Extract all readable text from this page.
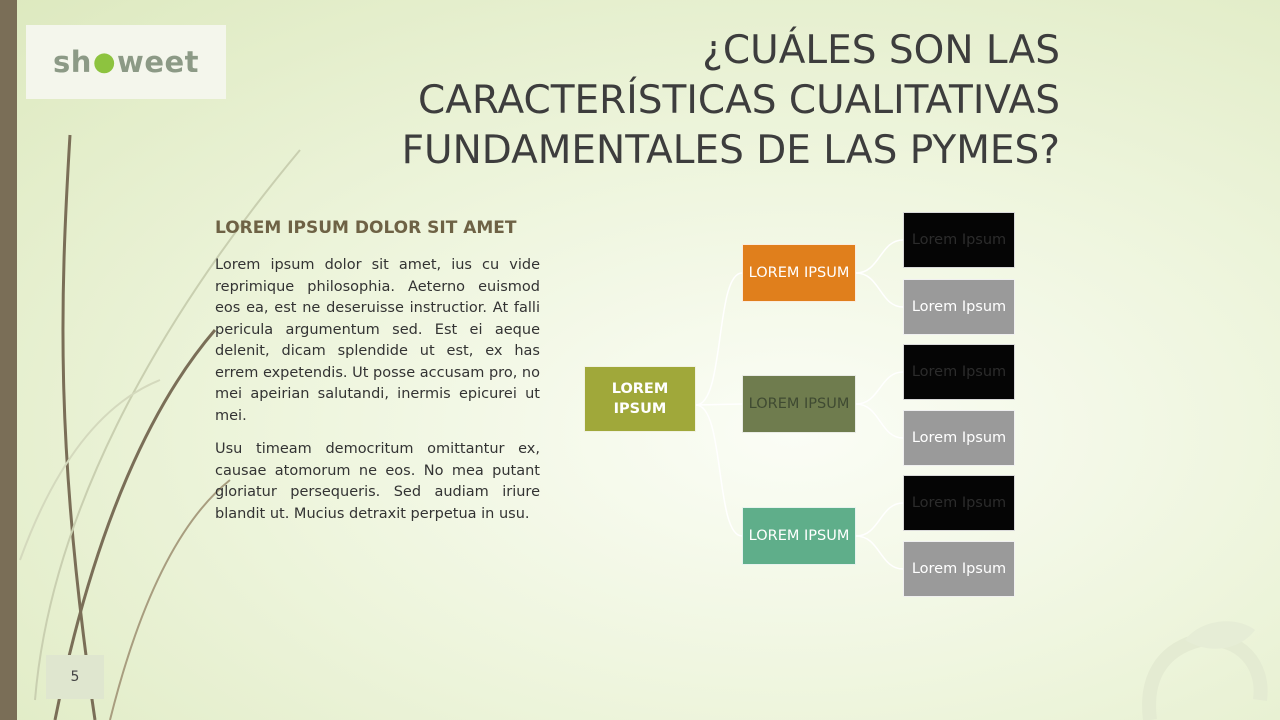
sh ● weet	¿CUÁLES SON LAS
CARACTERÍSTICAS CUALITATIVAS
FUNDAMENTALES DE LAS PYMES?

LOREM IPSUM DOLOR SIT AMET

Lorem ipsum dolor sit amet, ius cu vide reprimique philosophia. Aeterno euismod eos ea, est ne deseruisse instructior. At falli pericula argumentum sed. Est ei aeque delenit, dicam splendide ut est, ex has errem expetendis. Ut posse accusam pro, no mei apeirian salutandi, inermis epicurei ut mei.

Usu timeam democritum omittantur ex, causae atomorum ne eos. No mea putant gloriatur persequeris. Sed audiam iriure blandit ut. Mucius detraxit perpetua in usu.

LOREM IPSUM
LOREM IPSUM
LOREM IPSUM
LOREM IPSUM
Lorem Ipsum
Lorem Ipsum
Lorem Ipsum
Lorem Ipsum
Lorem Ipsum
Lorem Ipsum
5
